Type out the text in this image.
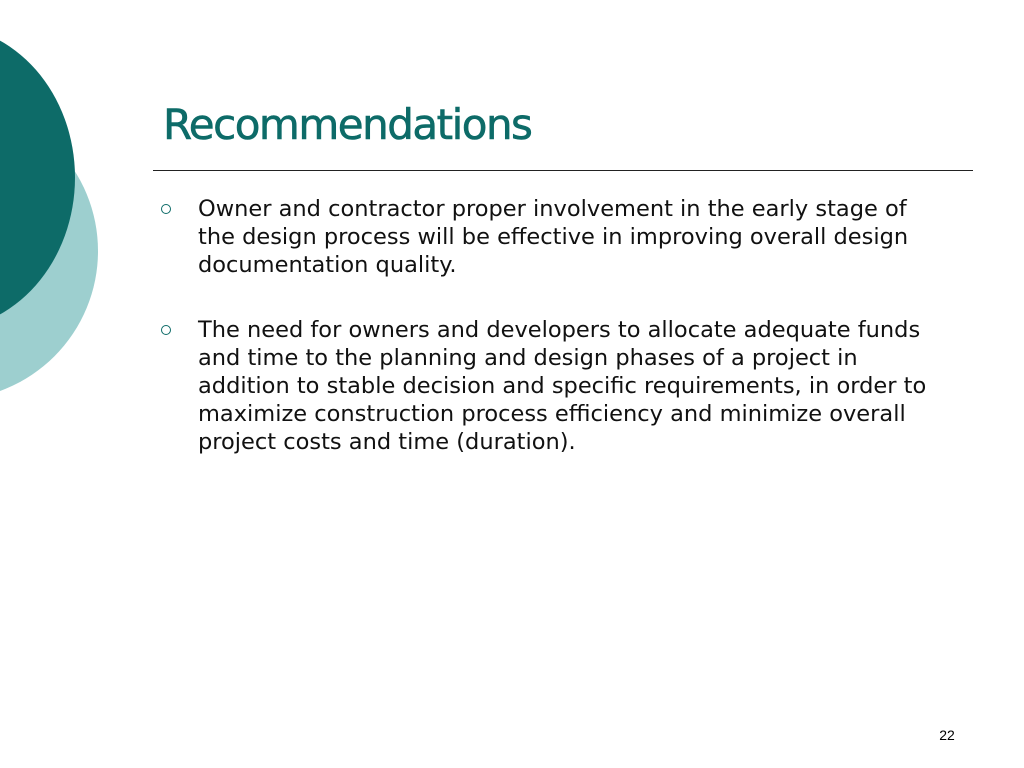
Recommendations
Owner and contractor proper involvement in the early stage of the design process will be effective in improving overall design documentation quality.
The need for owners and developers to allocate adequate funds and time to the planning and design phases of a project in addition to stable decision and specific requirements, in order to maximize construction process efficiency and minimize overall project costs and time (duration).
22
